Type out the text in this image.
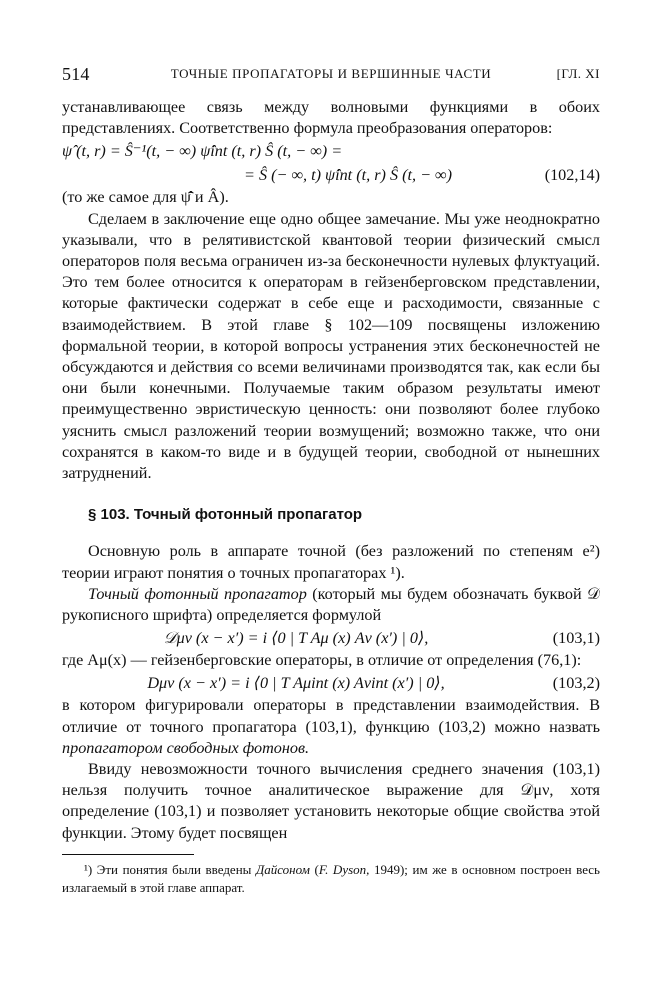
514	ТОЧНЫЕ ПРОПАГАТОРЫ И ВЕРШИННЫЕ ЧАСТИ	[ГЛ. XI

устанавливающее связь между волновыми функциями в обоих представлениях. Соответственно формула преобразования операторов:

ψ̂ (t, r) = Ŝ⁻¹(t, − ∞) ψ̂int (t, r) Ŝ (t, − ∞) =
= Ŝ (− ∞, t) ψ̂int (t, r) Ŝ (t, − ∞)	(102,14)

(то же самое для ψ̂̄ и Â).

Сделаем в заключение еще одно общее замечание. Мы уже неоднократно указывали, что в релятивистской квантовой теории физический смысл операторов поля весьма ограничен из-за бесконечности нулевых флуктуаций. Это тем более относится к операторам в гейзенберговском представлении, которые фактически содержат в себе еще и расходимости, связанные с взаимодействием. В этой главе § 102—109 посвящены изложению формальной теории, в которой вопросы устранения этих бесконечностей не обсуждаются и действия со всеми величинами производятся так, как если бы они были конечными. Получаемые таким образом результаты имеют преимущественно эвристическую ценность: они позволяют более глубоко уяснить смысл разложений теории возмущений; возможно также, что они сохранятся в каком-то виде и в будущей теории, свободной от нынешних затруднений.

§ 103. Точный фотонный пропагатор

Основную роль в аппарате точной (без разложений по степеням e²) теории играют понятия о точных пропагаторах ¹).

Точный фотонный пропагатор (который мы будем обозначать буквой 𝒟 рукописного шрифта) определяется формулой

𝒟μν (x − x′) = i ⟨0 | T Aμ (x) Aν (x′) | 0⟩,	(103,1)

где Aμ(x) — гейзенберговские операторы, в отличие от определения (76,1):

Dμν (x − x′) = i ⟨0 | T Aμint (x) Aνint (x′) | 0⟩,	(103,2)

в котором фигурировали операторы в представлении взаимодействия. В отличие от точного пропагатора (103,1), функцию (103,2) можно назвать пропагатором свободных фотонов.

Ввиду невозможности точного вычисления среднего значения (103,1) нельзя получить точное аналитическое выражение для 𝒟μν, хотя определение (103,1) и позволяет установить некоторые общие свойства этой функции. Этому будет посвящен

¹) Эти понятия были введены Дайсоном (F. Dyson, 1949); им же в основном построен весь излагаемый в этой главе аппарат.
